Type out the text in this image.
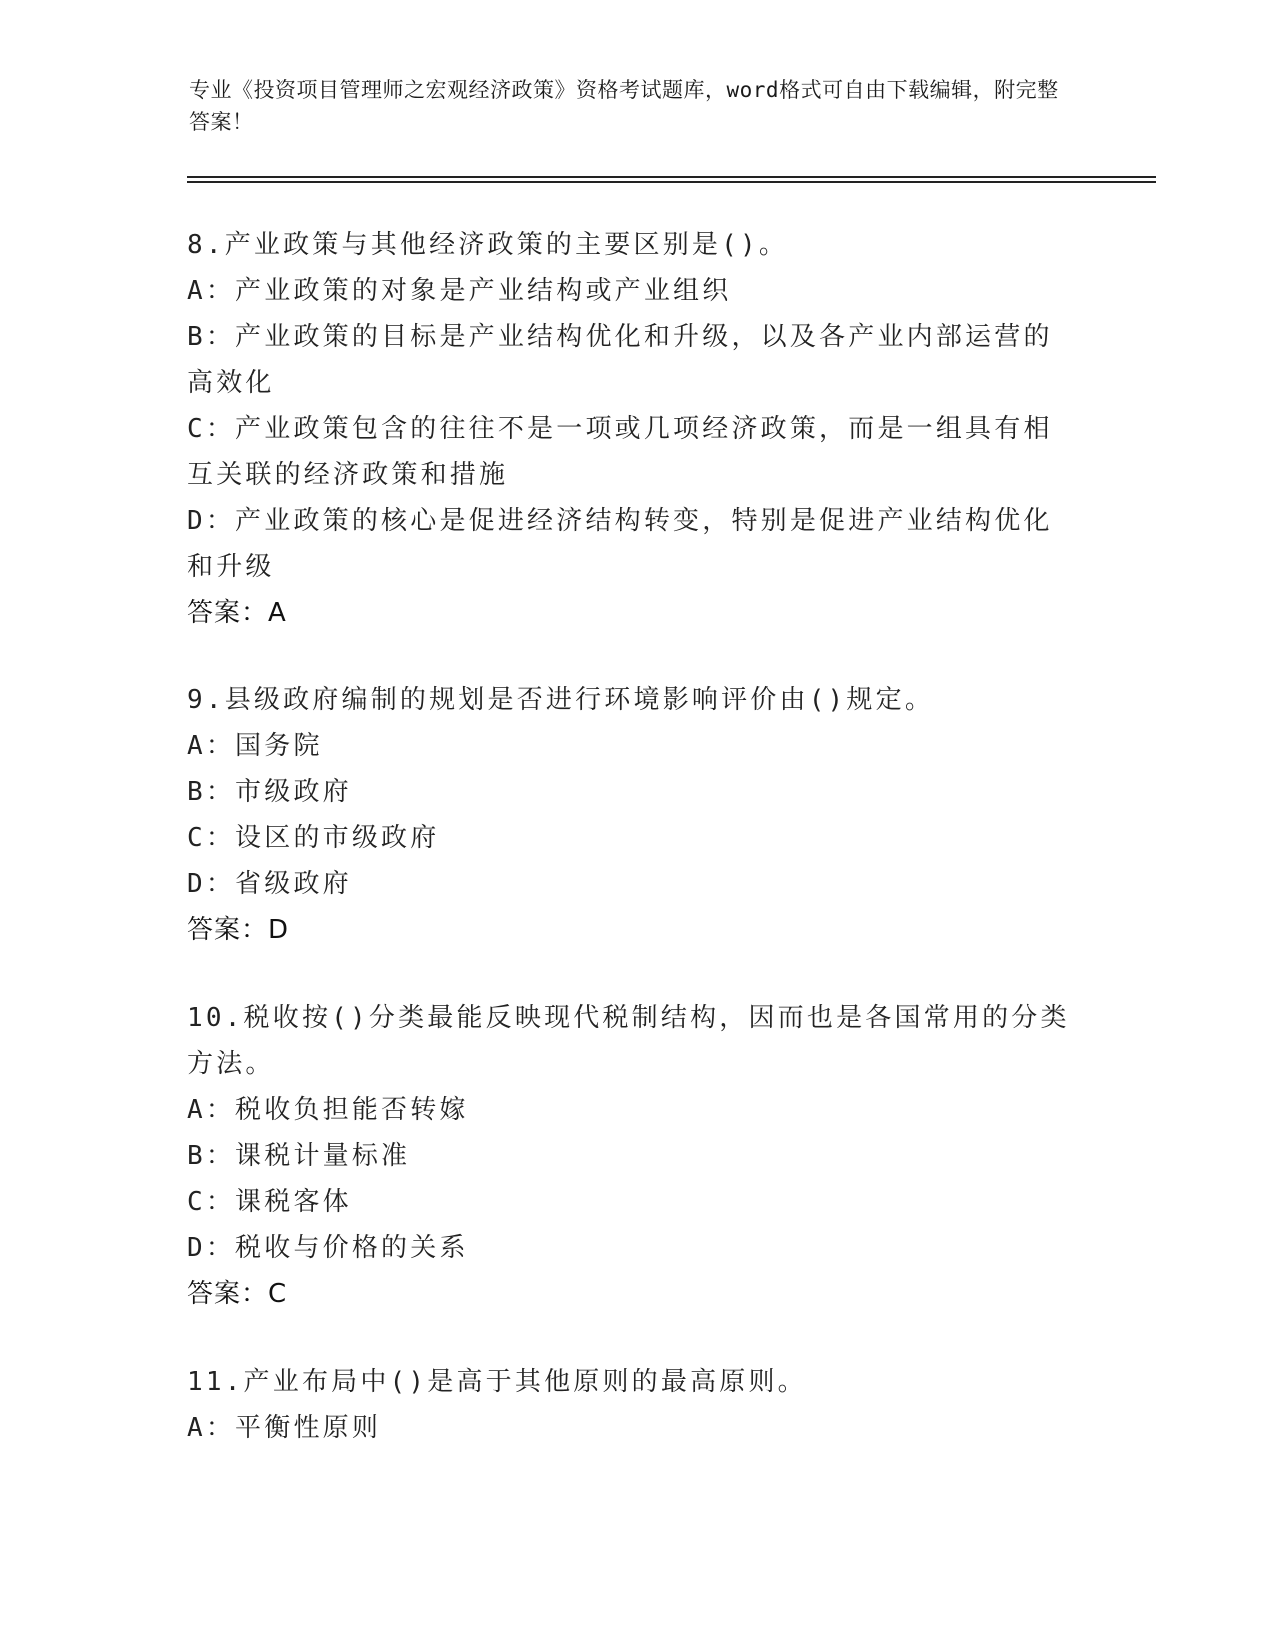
专业《投资项目管理师之宏观经济政策》资格考试题库，word格式可自由下载编辑，附完整答案！
8.产业政策与其他经济政策的主要区别是()。
A：产业政策的对象是产业结构或产业组织
B：产业政策的目标是产业结构优化和升级，以及各产业内部运营的高效化
C：产业政策包含的往往不是一项或几项经济政策，而是一组具有相互关联的经济政策和措施
D：产业政策的核心是促进经济结构转变，特别是促进产业结构优化和升级
答案：A
9.县级政府编制的规划是否进行环境影响评价由()规定。
A：国务院
B：市级政府
C：设区的市级政府
D：省级政府
答案：D
10.税收按()分类最能反映现代税制结构，因而也是各国常用的分类方法。
A：税收负担能否转嫁
B：课税计量标准
C：课税客体
D：税收与价格的关系
答案：C
11.产业布局中()是高于其他原则的最高原则。
A：平衡性原则
